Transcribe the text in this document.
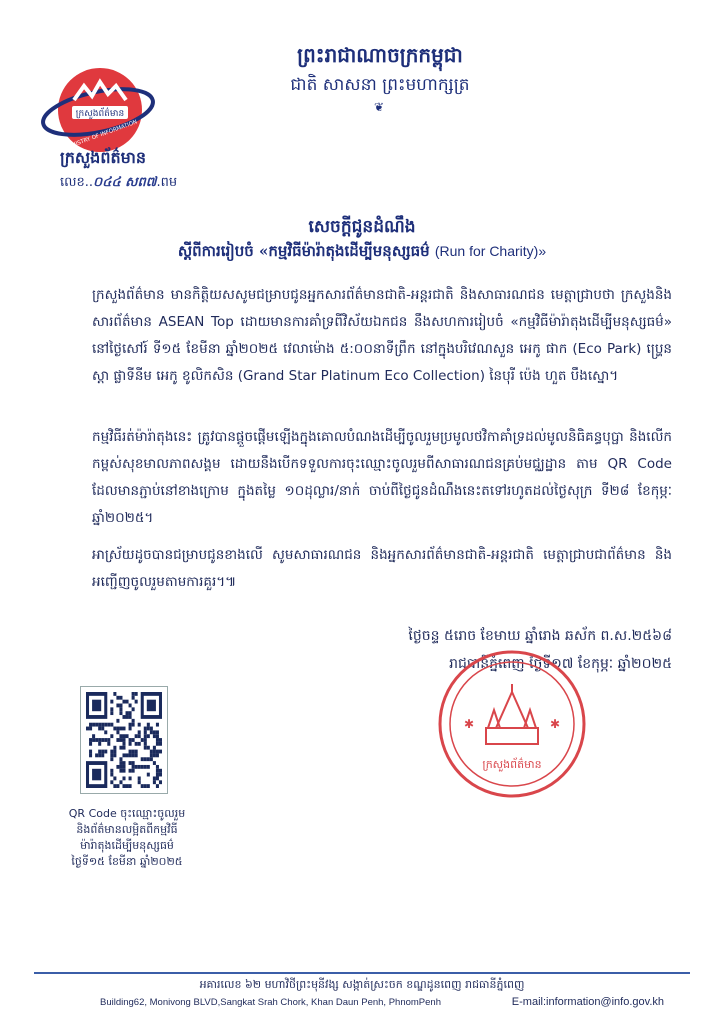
ព្រះរាជាណាចក្រកម្ពុជា
ជាតិ សាសនា ព្រះមហាក្សត្រ
❦
ក្រសួងព័ត៌មាន
MINISTRY OF INFORMATION
ក្រសួងព័ត៌មាន
លេខ..០៤៤ សព៧.ពម
សេចក្តីជូនដំណឹង
ស្តីពីការរៀបចំ «កម្មវិធីម៉ារ៉ាតុងដើម្បីមនុស្សធម៌ (Run for Charity)»
ក្រសួងព័ត៌មាន មានកិត្តិយសសូមជម្រាបជូនអ្នកសារព័ត៌មានជាតិ-អន្តរជាតិ និងសាធារណជន មេត្តាជ្រាបថា ក្រសួងនិងសារព័ត៌មាន ASEAN Top ដោយមានការគាំទ្រពីវិស័យឯកជន នឹងសហការរៀបចំ «កម្មវិធីម៉ារ៉ាតុងដើម្បីមនុស្សធម៌» នៅថ្ងៃសៅរ៍ ទី១៥ ខែមីនា ឆ្នាំ២០២៥ វេលាម៉ោង ៥:០០នាទីព្រឹក នៅក្នុងបរិវេណសួន អេកូ ផាក (Eco Park) ប្រេ្ហនស្តា ផ្លាទីនីម អេកូ ខូលិកសិន (Grand Star Platinum Eco Collection) នៃបុរី ប៉េង ហួត បឹងស្នោ។
កម្មវិធីរត់ម៉ារ៉ាតុងនេះ ត្រូវបានផ្តួចផ្តើមឡើងក្នុងគោលបំណងដើម្បីចូលរួមប្រមូលថវិកាគាំទ្រដល់មូលនិធិគន្ធបុប្ផា និងលើកកម្ពស់សុខមាលភាពសង្គម ដោយនឹងបើកទទួលការចុះឈ្មោះចូលរួមពីសាធារណជនគ្រប់មជ្ឈដ្ឋាន តាម QR Code ដែលមានភ្ជាប់នៅខាងក្រោម ក្នុងតម្លៃ ១០ដុល្លារ/នាក់ ចាប់ពីថ្ងៃជូនដំណឹងនេះតទៅរហូតដល់ថ្ងៃសុក្រ ទី២៨ ខែកុម្ភៈ ឆ្នាំ២០២៥។
អាស្រ័យដូចបានជម្រាបជូនខាងលើ សូមសាធារណជន និងអ្នកសារព័ត៌មានជាតិ-អន្តរជាតិ មេត្តាជ្រាបជាព័ត៌មាន និងអញ្ជើញចូលរួមតាមការគួរ។៕
ថ្ងៃចន្ទ ៥រោច ខែមាឃ ឆ្នាំរោង ឆស័ក ព.ស.២៥៦៨
រាជធានីភ្នំពេញ ថ្ងៃទី១៧ ខែកុម្ភៈ ឆ្នាំ២០២៥
ក្រសួងព័ត៌មាន
✱	✱
QR Code ចុះឈ្មោះចូលរួម
និងព័ត៌មានលម្អិតពីកម្មវិធី
ម៉ារ៉ាតុងដើម្បីមនុស្សធម៌
ថ្ងៃទី១៥ ខែមីនា ឆ្នាំ២០២៥
អគារលេខ ៦២ មហាវិថីព្រះមុនីវង្ស សង្កាត់ស្រះចក ខណ្ឌដូនពេញ រាជធានីភ្នំពេញ
Building62, Monivong BLVD,Sangkat Srah Chork, Khan Daun Penh, PhnomPenh	E-mail:information@info.gov.kh
